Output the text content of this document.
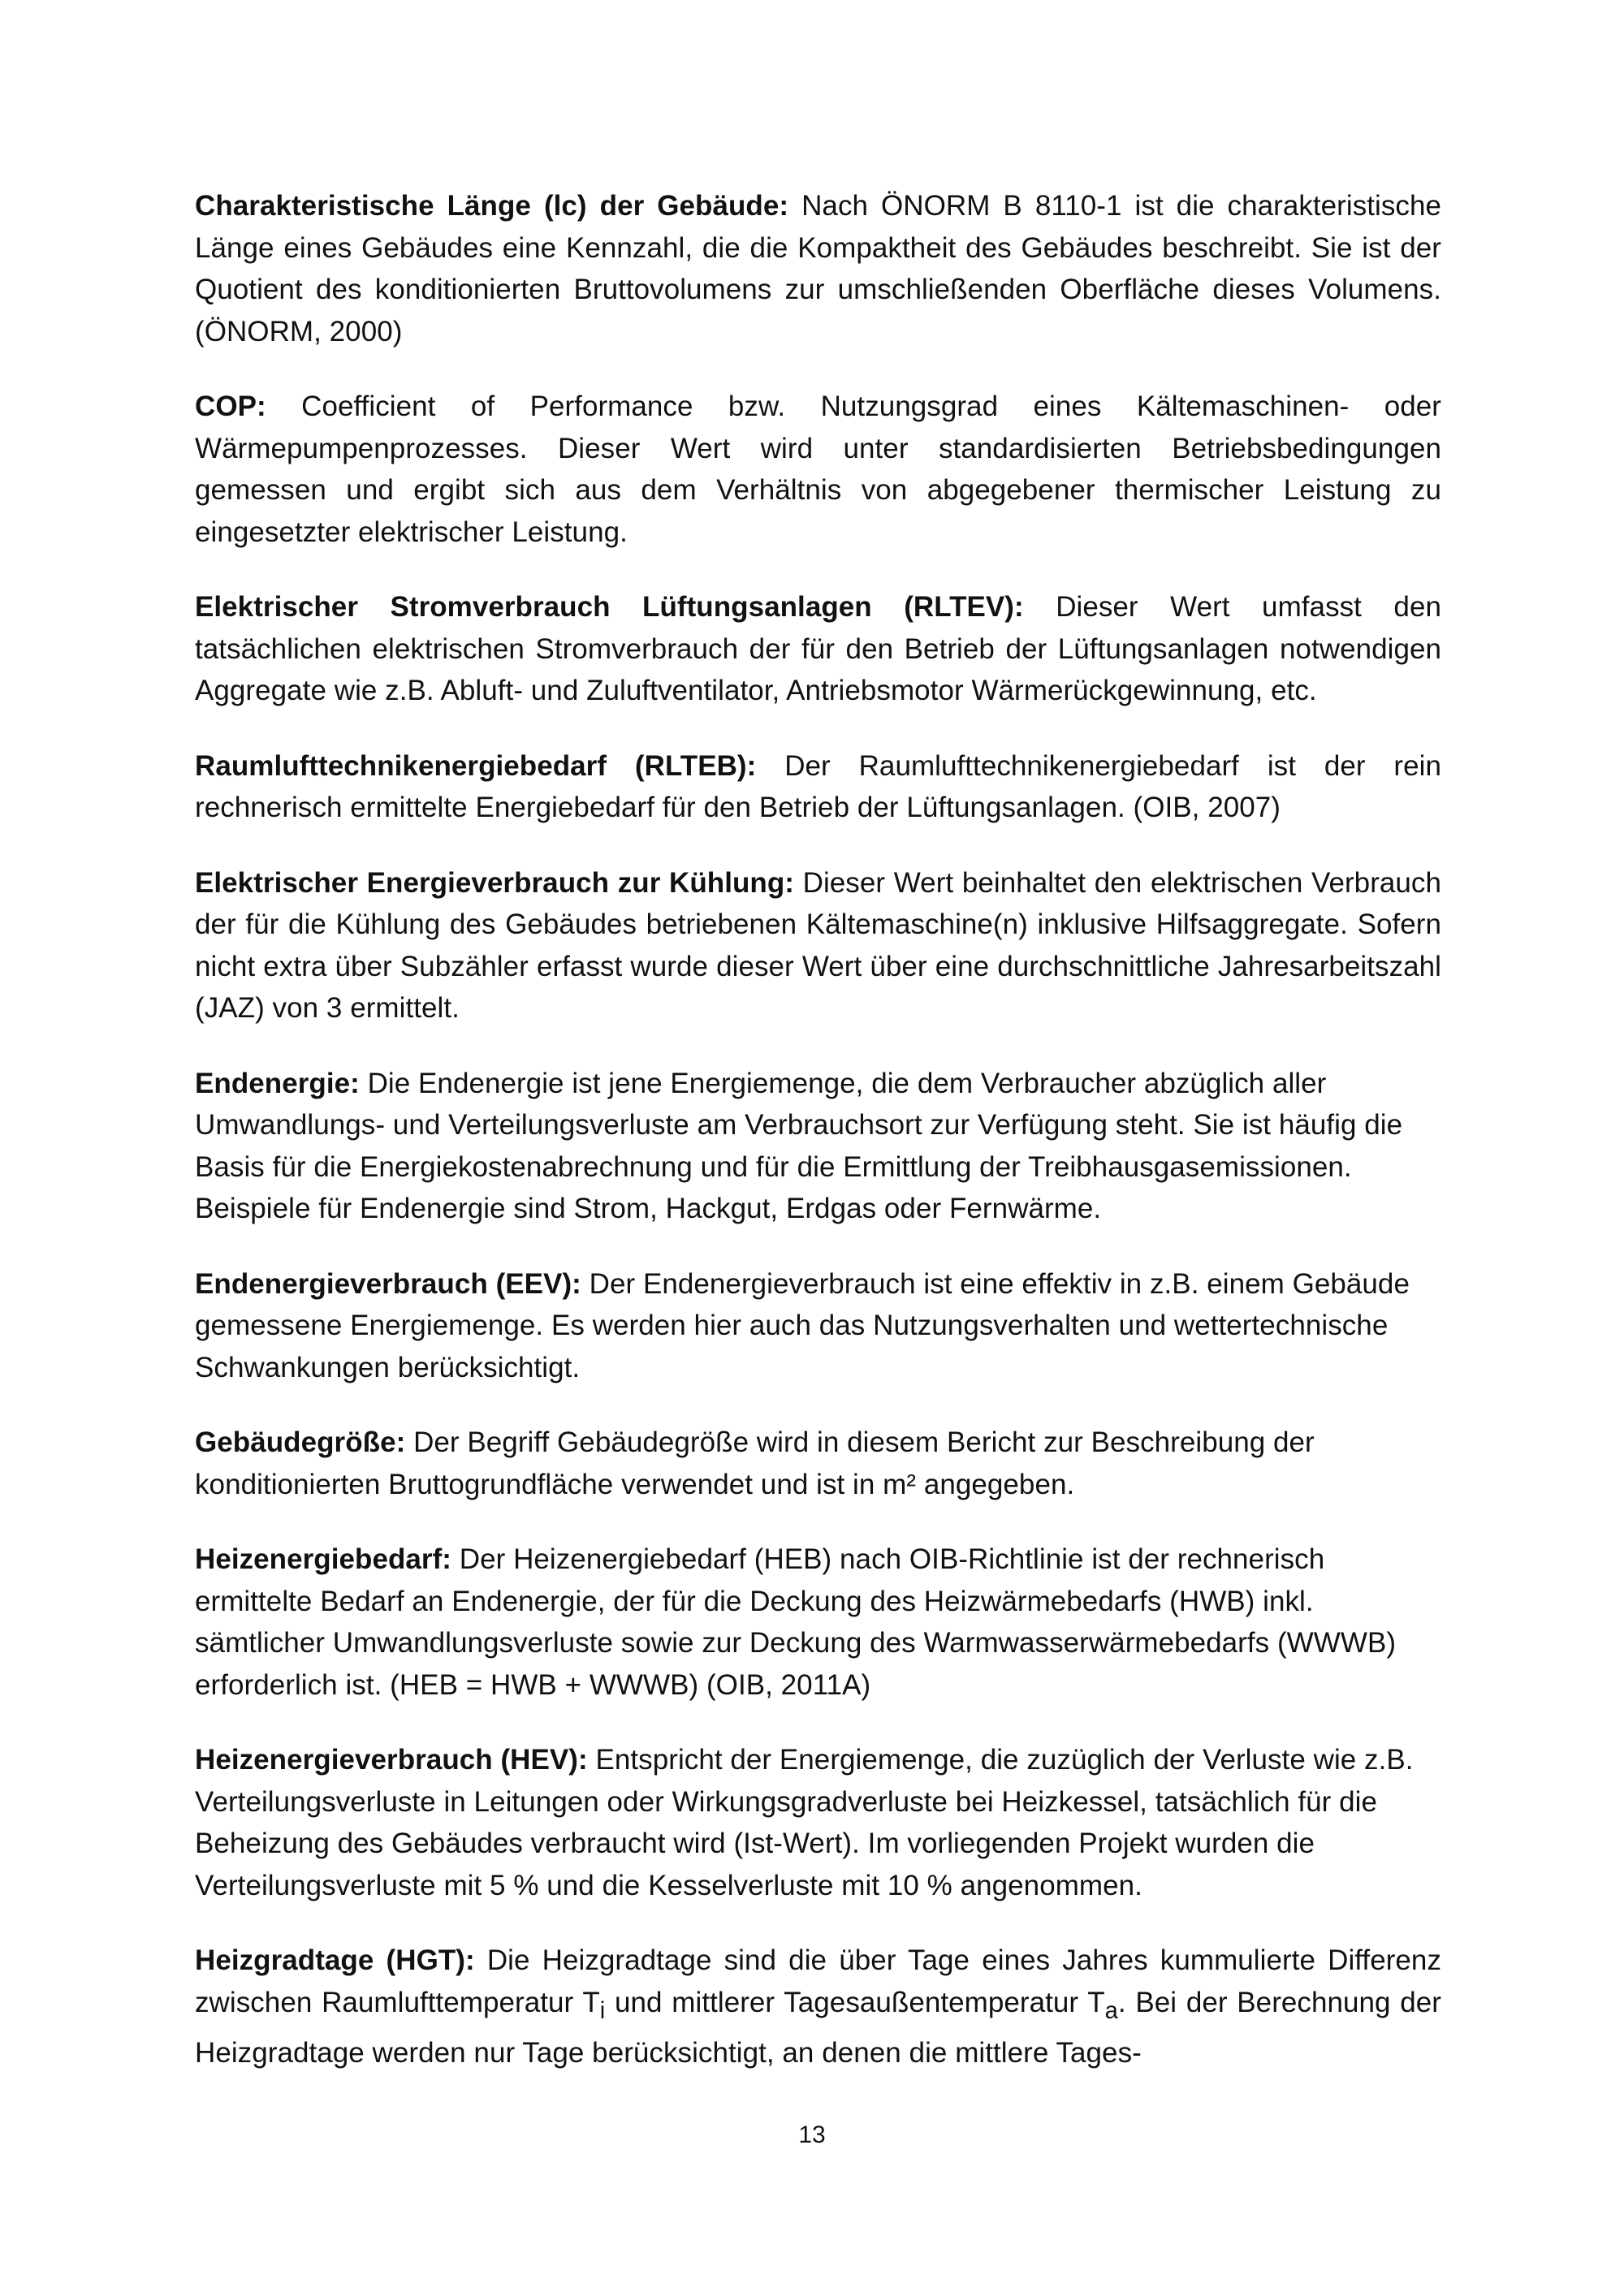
Charakteristische Länge (lc) der Gebäude: Nach ÖNORM B 8110-1 ist die charakteristische Länge eines Gebäudes eine Kennzahl, die die Kompaktheit des Gebäudes beschreibt. Sie ist der Quotient des konditionierten Bruttovolumens zur umschließenden Oberfläche dieses Volumens. (ÖNORM, 2000)

COP: Coefficient of Performance bzw. Nutzungsgrad eines Kältemaschinen- oder Wärmepumpenprozesses. Dieser Wert wird unter standardisierten Betriebsbedingungen gemessen und ergibt sich aus dem Verhältnis von abgegebener thermischer Leistung zu eingesetzter elektrischer Leistung.

Elektrischer Stromverbrauch Lüftungsanlagen (RLTEV): Dieser Wert umfasst den tatsächlichen elektrischen Stromverbrauch der für den Betrieb der Lüftungsanlagen notwendigen Aggregate wie z.B. Abluft- und Zuluftventilator, Antriebsmotor Wärmerückgewinnung, etc.

Raumlufttechnikenergiebedarf (RLTEB): Der Raumlufttechnikenergiebedarf ist der rein rechnerisch ermittelte Energiebedarf für den Betrieb der Lüftungsanlagen. (OIB, 2007)

Elektrischer Energieverbrauch zur Kühlung: Dieser Wert beinhaltet den elektrischen Verbrauch der für die Kühlung des Gebäudes betriebenen Kältemaschine(n) inklusive Hilfsaggregate. Sofern nicht extra über Subzähler erfasst wurde dieser Wert über eine durchschnittliche Jahresarbeitszahl (JAZ) von 3 ermittelt.

Endenergie: Die Endenergie ist jene Energiemenge, die dem Verbraucher abzüglich aller Umwandlungs- und Verteilungsverluste am Verbrauchsort zur Verfügung steht. Sie ist häufig die Basis für die Energiekostenabrechnung und für die Ermittlung der Treibhausgasemissionen. Beispiele für Endenergie sind Strom, Hackgut, Erdgas oder Fernwärme.

Endenergieverbrauch (EEV): Der Endenergieverbrauch ist eine effektiv in z.B. einem Gebäude gemessene Energiemenge. Es werden hier auch das Nutzungsverhalten und wettertechnische Schwankungen berücksichtigt.

Gebäudegröße: Der Begriff Gebäudegröße wird in diesem Bericht zur Beschreibung der konditionierten Bruttogrundfläche verwendet und ist in m² angegeben.

Heizenergiebedarf: Der Heizenergiebedarf (HEB) nach OIB-Richtlinie ist der rechnerisch ermittelte Bedarf an Endenergie, der für die Deckung des Heizwärmebedarfs (HWB) inkl. sämtlicher Umwandlungsverluste sowie zur Deckung des Warmwasserwärmebedarfs (WWWB) erforderlich ist. (HEB = HWB + WWWB) (OIB, 2011A)

Heizenergieverbrauch (HEV): Entspricht der Energiemenge, die zuzüglich der Verluste wie z.B. Verteilungsverluste in Leitungen oder Wirkungsgradverluste bei Heizkessel, tatsächlich für die Beheizung des Gebäudes verbraucht wird (Ist-Wert). Im vorliegenden Projekt wurden die Verteilungsverluste mit 5 % und die Kesselverluste mit 10 % angenommen.

Heizgradtage (HGT): Die Heizgradtage sind die über Tage eines Jahres kummulierte Differenz zwischen Raumlufttemperatur $T_i$ und mittlerer Tagesaußentemperatur $T_a$. Bei der Berechnung der Heizgradtage werden nur Tage berücksichtigt, an denen die mittlere Tages-

13
